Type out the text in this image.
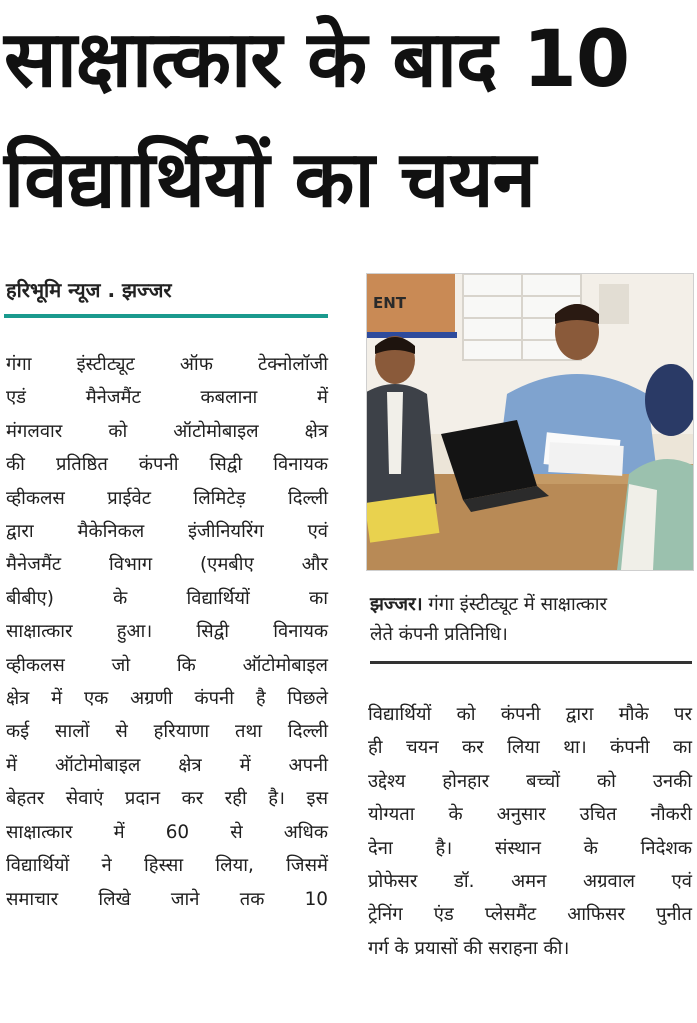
साक्षात्कार के बाद 10
विद्यार्थियों का चयन
हरिभूमि न्यूज . झज्जर

गंगा इंस्टीट्यूट ऑफ टेक्नोलॉजी

एडं मैनेजमैंट कबलाना में

मंगलवार को ऑटोमोबाइल क्षेत्र

की प्रतिष्ठित कंपनी सिद्वी विनायक

व्हीकलस प्राईवेट लिमिटेड़ दिल्ली

द्वारा मैकेनिकल इंजीनियरिंग एवं

मैनेजमैंट विभाग (एमबीए और

बीबीए) के विद्यार्थियों का

साक्षात्कार हुआ। सिद्वी विनायक

व्हीकलस जो कि ऑटोमोबाइल

क्षेत्र में एक अग्रणी कंपनी है पिछले

कई सालों से हरियाणा तथा दिल्ली

में ऑटोमोबाइल क्षेत्र में अपनी

बेहतर सेवाएं प्रदान कर रही है। इस

साक्षात्कार में 60 से अधिक

विद्यार्थियों ने हिस्सा लिया, जिसमें

समाचार लिखे जाने तक 10

ENT
झज्जर। गंगा इंस्टीट्यूट में साक्षात्कार
लेते कंपनी प्रतिनिधि।

विद्यार्थियों को कंपनी द्वारा मौके पर

ही चयन कर लिया था। कंपनी का

उद्देश्य होनहार बच्चों को उनकी

योग्यता के अनुसार उचित नौकरी

देना है। संस्थान के निदेशक

प्रोफेसर डॉ. अमन अग्रवाल एवं

ट्रेनिंग एंड प्लेसमैंट आफिसर पुनीत

गर्ग के प्रयासों की सराहना की।
